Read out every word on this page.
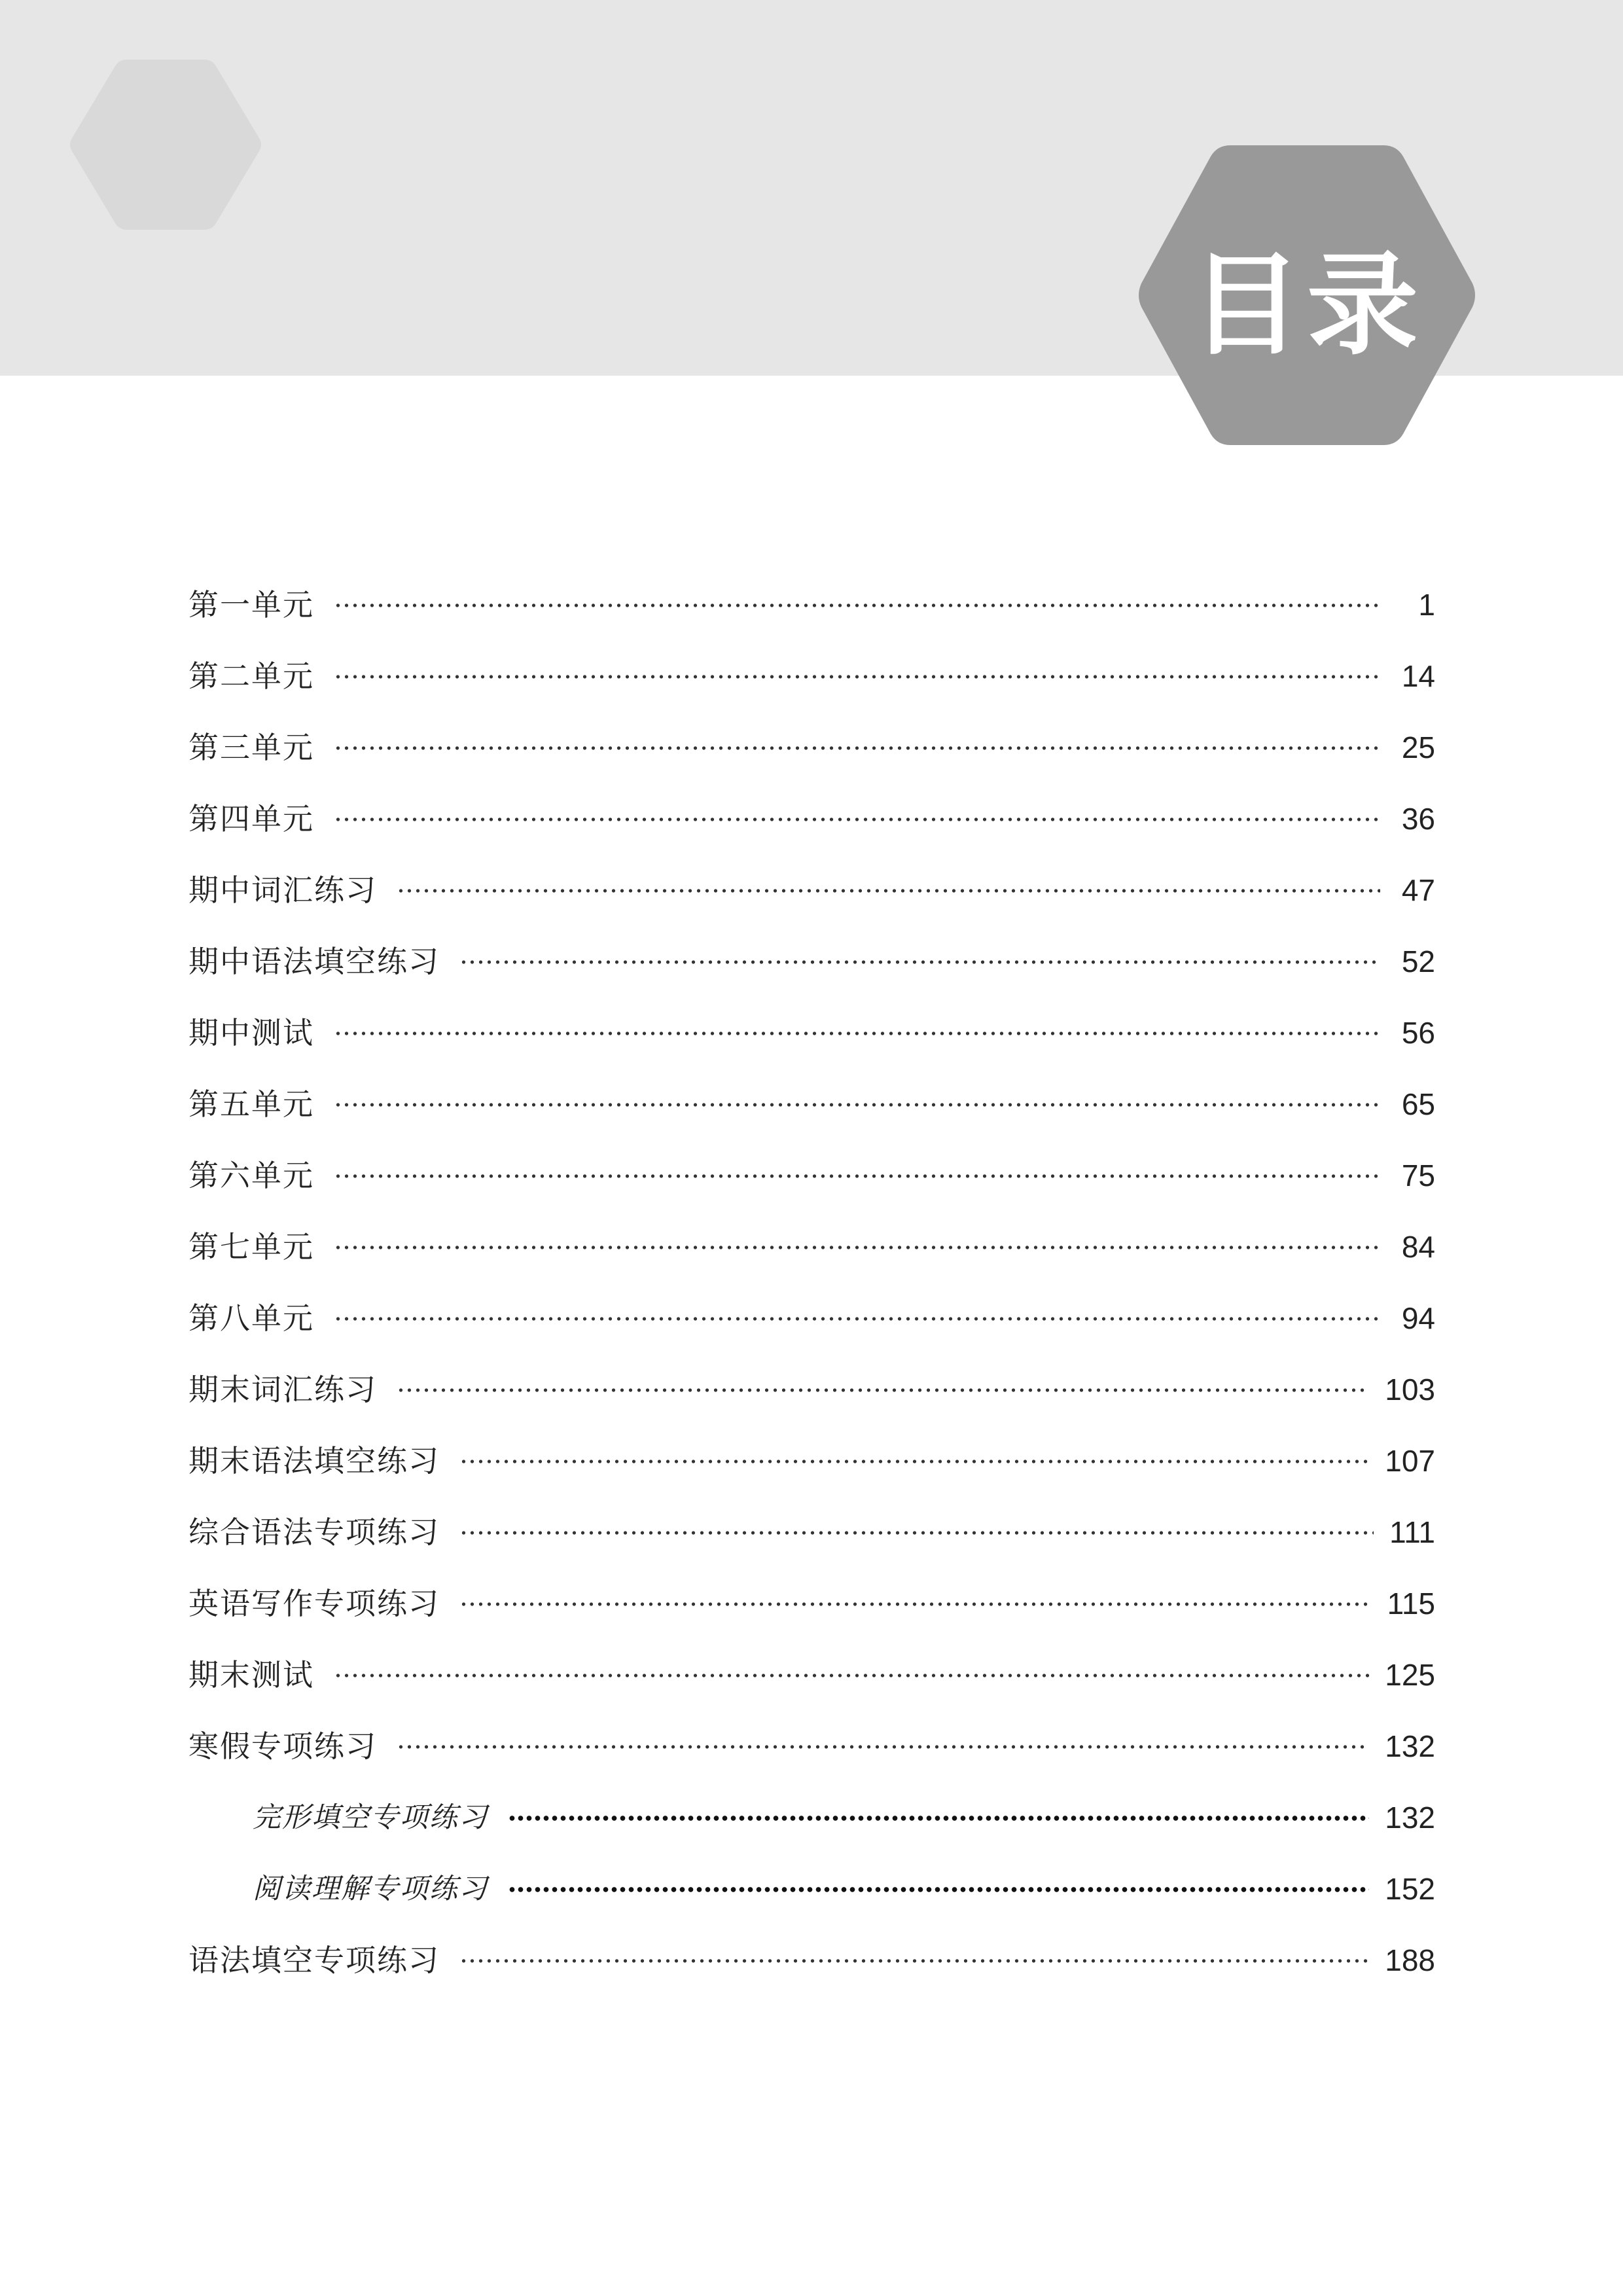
目录
第一单元	1
第二单元	14
第三单元	25
第四单元	36
期中词汇练习	47
期中语法填空练习	52
期中测试	56
第五单元	65
第六单元	75
第七单元	84
第八单元	94
期末词汇练习	103
期末语法填空练习	107
综合语法专项练习	111
英语写作专项练习	115
期末测试	125
寒假专项练习	132
完形填空专项练习	132
阅读理解专项练习	152
语法填空专项练习	188
